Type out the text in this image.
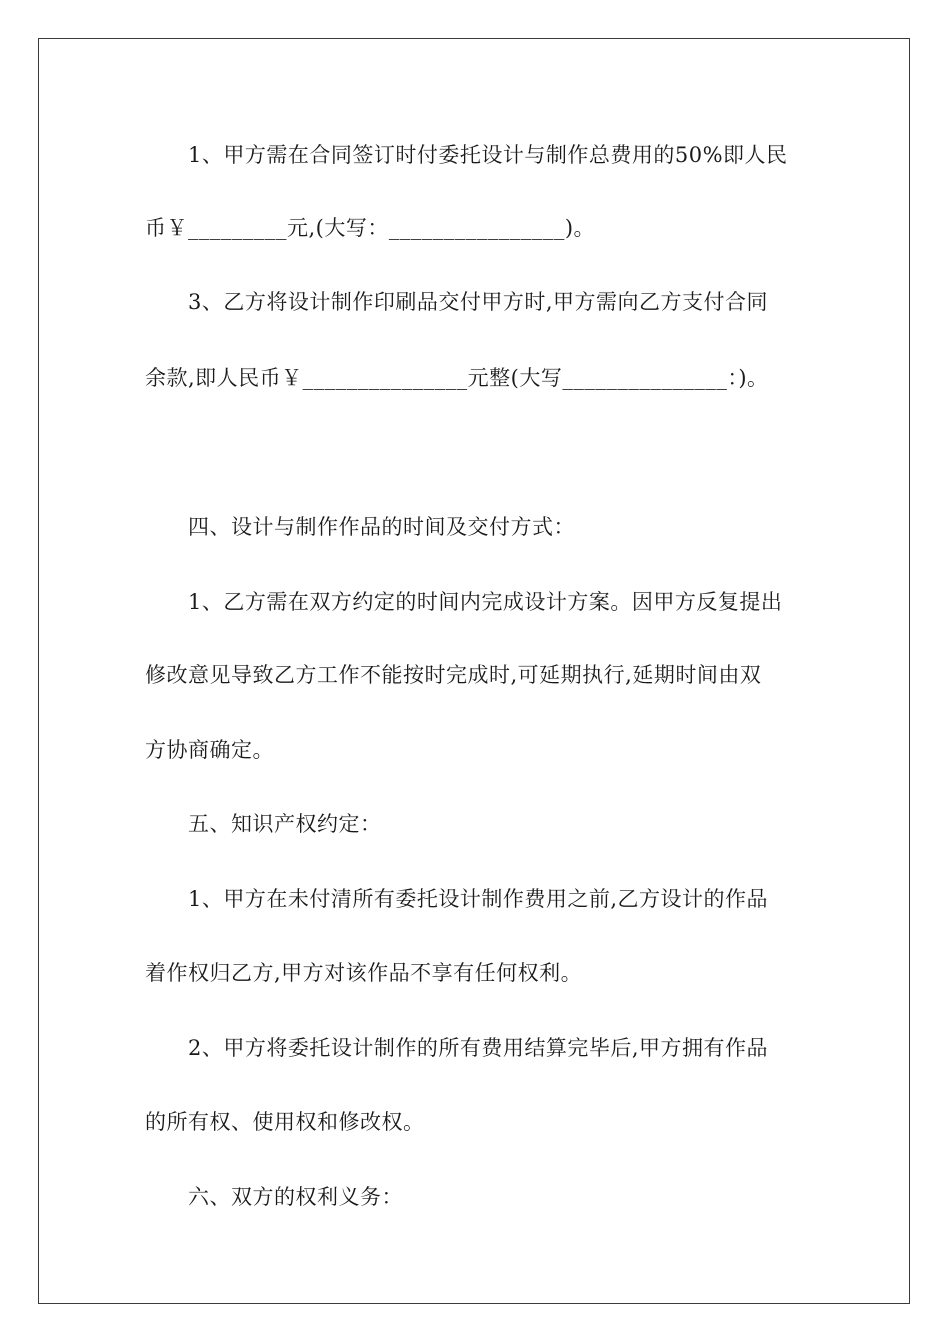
1、甲方需在合同签订时付委托设计与制作总费用的50%即人民
币￥_________元,(大写：________________)。
3、乙方将设计制作印刷品交付甲方时,甲方需向乙方支付合同
余款,即人民币￥_______________元整(大写_______________：)。
四、设计与制作作品的时间及交付方式：
1、乙方需在双方约定的时间内完成设计方案。因甲方反复提出
修改意见导致乙方工作不能按时完成时,可延期执行,延期时间由双
方协商确定。
五、知识产权约定：
1、甲方在未付清所有委托设计制作费用之前,乙方设计的作品
着作权归乙方,甲方对该作品不享有任何权利。
2、甲方将委托设计制作的所有费用结算完毕后,甲方拥有作品
的所有权、使用权和修改权。
六、双方的权利义务：
